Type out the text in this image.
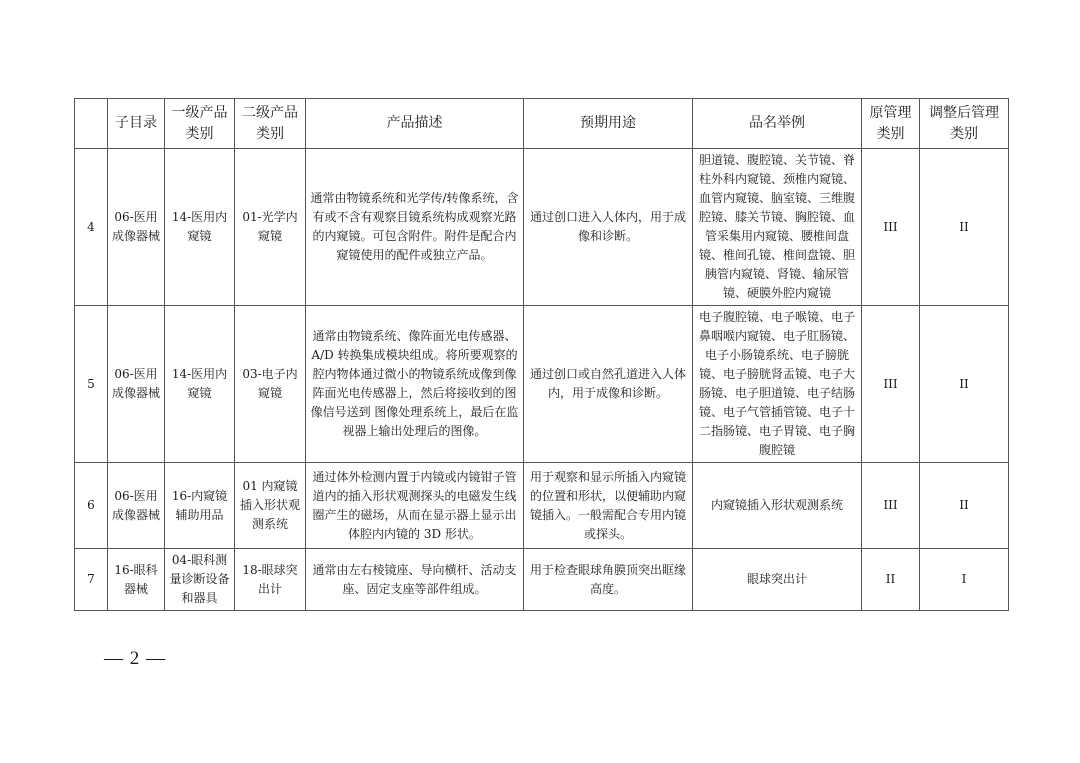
	子目录	一级产品类别	二级产品类别	产品描述	预期用途	品名举例	原管理类别	调整后管理类别
4	06-医用成像器械	14-医用内窥镜	01-光学内窥镜	通常由物镜系统和光学传/转像系统，含有或不含有观察目镜系统构成观察光路的内窥镜。可包含附件。附件是配合内窥镜使用的配件或独立产品。	通过创口进入人体内，用于成像和诊断。	胆道镜、腹腔镜、关节镜、脊柱外科内窥镜、颈椎内窥镜、血管内窥镜、脑室镜、三维腹腔镜、膝关节镜、胸腔镜、血管采集用内窥镜、腰椎间盘镜、椎间孔镜、椎间盘镜、胆胰管内窥镜、肾镜、输尿管镜、硬膜外腔内窥镜	III	II
5	06-医用成像器械	14-医用内窥镜	03-电子内窥镜	通常由物镜系统、像阵面光电传感器、A/D 转换集成模块组成。将所要观察的腔内物体通过微小的物镜系统成像到像阵面光电传感器上，然后将接收到的图像信号送到 图像处理系统上，最后在监视器上输出处理后的图像。	通过创口或自然孔道进入人体内，用于成像和诊断。	电子腹腔镜、电子喉镜、电子鼻咽喉内窥镜、电子肛肠镜、电子小肠镜系统、电子膀胱镜、电子膀胱肾盂镜、电子大肠镜、电子胆道镜、电子结肠镜、电子气管插管镜、电子十二指肠镜、电子胃镜、电子胸腹腔镜	III	II
6	06-医用成像器械	16-内窥镜辅助用品	01 内窥镜插入形状观测系统	通过体外检测内置于内镜或内镜钳子管道内的插入形状观测探头的电磁发生线圈产生的磁场，从而在显示器上显示出体腔内内镜的 3D 形状。	用于观察和显示所插入内窥镜的位置和形状，以便辅助内窥镜插入。一般需配合专用内镜或探头。	内窥镜插入形状观测系统	III	II
7	16-眼科器械	04-眼科测量诊断设备和器具	18-眼球突出计	通常由左右棱镜座、导向横杆、活动支座、固定支座等部件组成。	用于检查眼球角膜顶突出眶缘高度。	眼球突出计	II	I
— 2 —
